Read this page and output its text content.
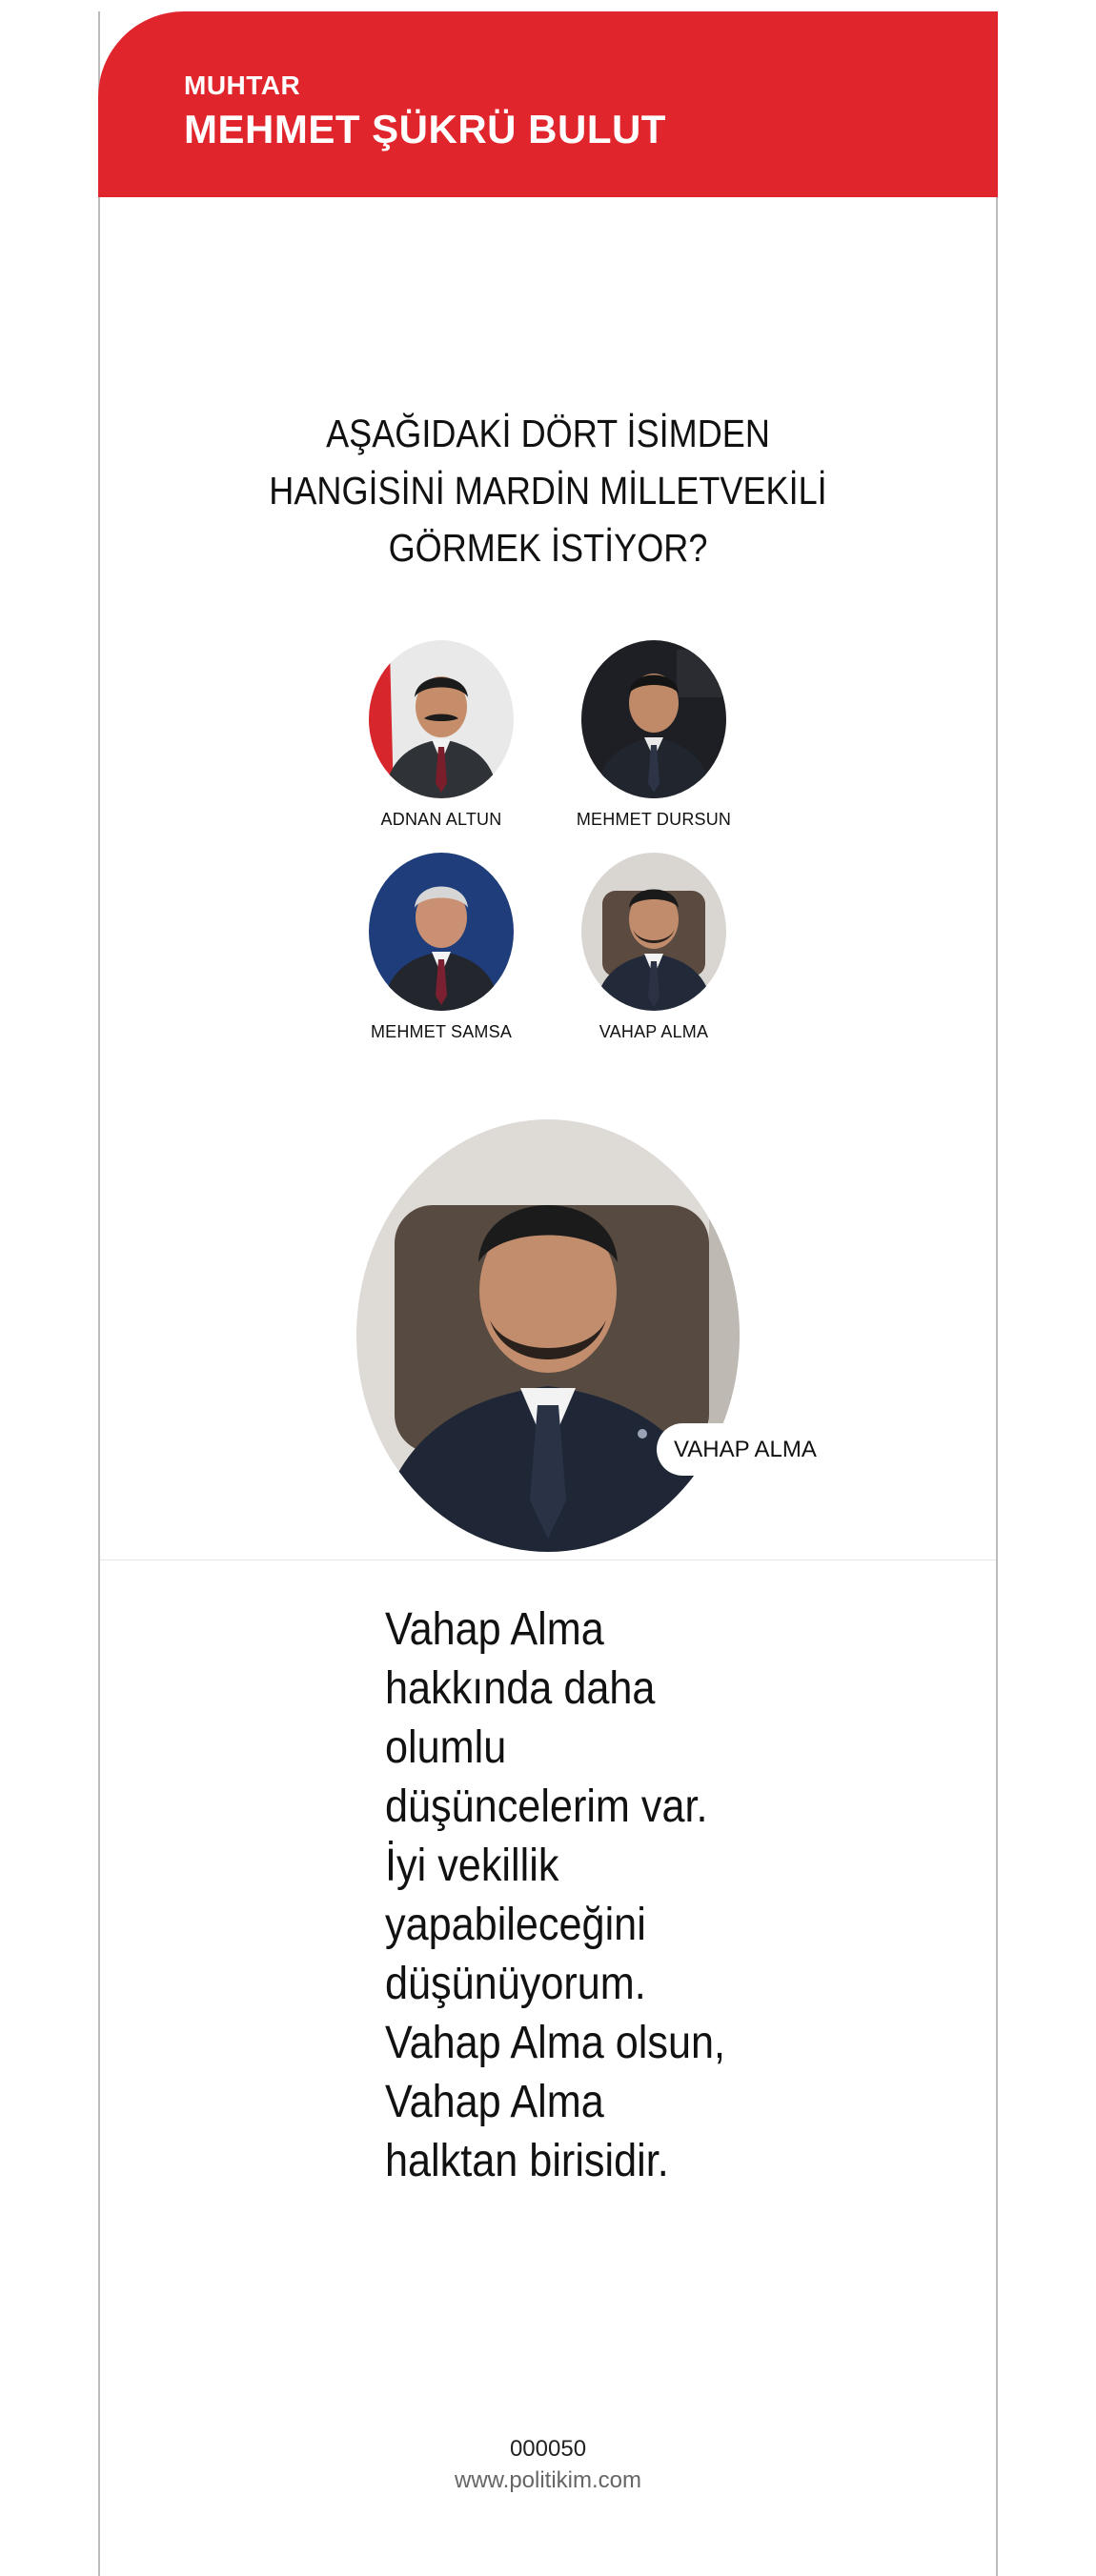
MUHTAR
MEHMET ŞÜKRÜ BULUT
AŞAĞIDAKİ DÖRT İSİMDEN HANGİSİNİ MARDİN MİLLETVEKİLİ GÖRMEK İSTİYOR?
ADNAN ALTUN	MEHMET DURSUN
MEHMET SAMSA	VAHAP ALMA
VAHAP ALMA
Vahap Alma hakkında daha olumlu düşüncelerim var. İyi vekillik yapabileceğini düşünüyorum. Vahap Alma olsun, Vahap Alma halktan birisidir.
000050
www.politikim.com
